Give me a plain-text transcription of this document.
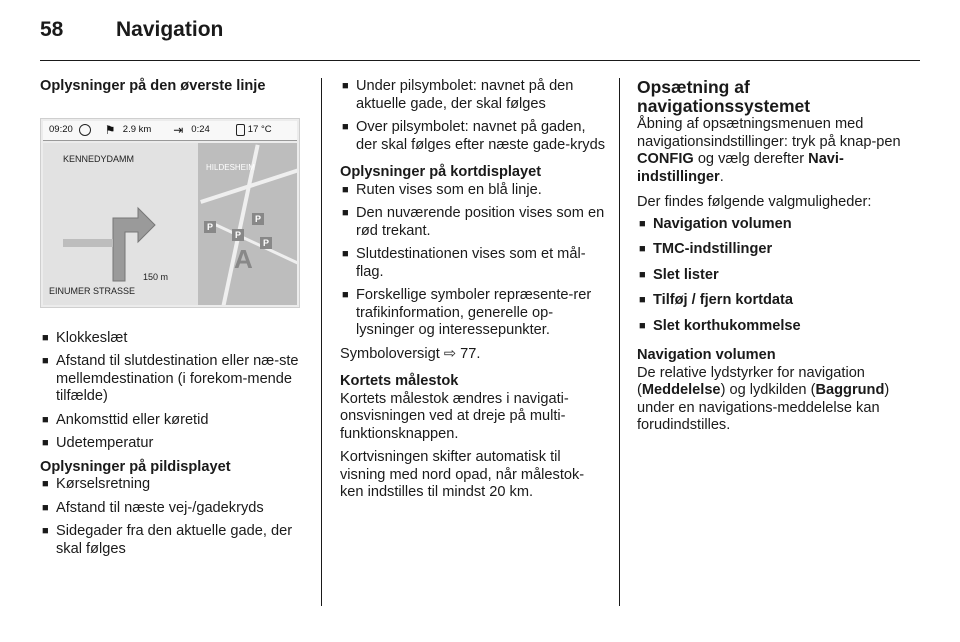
58	Navigation

Oplysninger på den øverste linje

09:20	⚑ 2.9 km ⇥ 0:24	17 °C
KENNEDYDAMM
150 m
EINUMER STRASSE
HILDESHEIM
P
P
P
P
A
■ Klokkeslæt
■ Afstand til slutdestination eller næ-ste mellemdestination (i forekom-mende tilfælde)
■ Ankomsttid eller køretid
■ Udetemperatur

Oplysninger på pildisplayet

■ Kørselsretning
■ Afstand til næste vej-/gadekryds
■ Sidegader fra den aktuelle gade, der skal følges
■ Under pilsymbolet: navnet på den aktuelle gade, der skal følges
■ Over pilsymbolet: navnet på gaden, der skal følges efter næste gade-kryds

Oplysninger på kortdisplayet

■ Ruten vises som en blå linje.
■ Den nuværende position vises som en rød trekant.
■ Slutdestinationen vises som et mål-flag.
■ Forskellige symboler repræsente-rer trafikinformation, generelle op-lysninger og interessepunkter.

Symboloversigt ⇨ 77.

Kortets målestok

Kortets målestok ændres i navigati-onsvisningen ved at dreje på multi-funktionsknappen.

Kortvisningen skifter automatisk til visning med nord opad, når målestok-ken indstilles til mindst 20 km.

Opsætning af navigationssystemet

Åbning af opsætningsmenuen med navigationsindstillinger: tryk på knap-pen CONFIG og vælg derefter Navi-indstillinger.

Der findes følgende valgmuligheder:

■ Navigation volumen
■ TMC-indstillinger
■ Slet lister
■ Tilføj / fjern kortdata
■ Slet korthukommelse

Navigation volumen

De relative lydstyrker for navigation (Meddelelse) og lydkilden (Baggrund) under en navigations-meddelelse kan forudindstilles.
